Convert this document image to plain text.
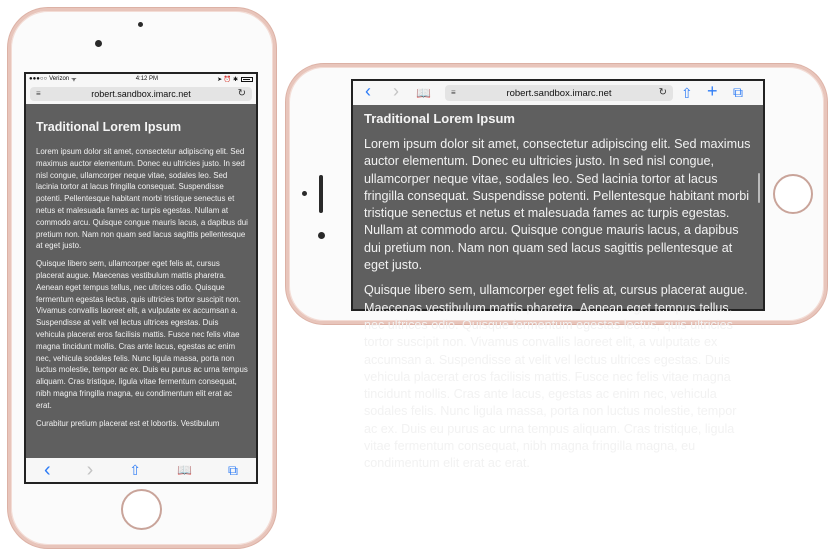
●●●○○ Verizon ᯤ	4:12 PM	➤ ⏰ ✱
≡	robert.sandbox.imarc.net	↻
Traditional Lorem Ipsum

Lorem ipsum dolor sit amet, consectetur adipiscing elit. Sed maximus auctor elementum. Donec eu ultricies justo. In sed nisl congue, ullamcorper neque vitae, sodales leo. Sed lacinia tortor at lacus fringilla consequat. Suspendisse potenti. Pellentesque habitant morbi tristique senectus et netus et malesuada fames ac turpis egestas. Nullam at commodo arcu. Quisque congue mauris lacus, a dapibus dui pretium non. Nam non quam sed lacus sagittis pellentesque at eget justo.

Quisque libero sem, ullamcorper eget felis at, cursus placerat augue. Maecenas vestibulum mattis pharetra. Aenean eget tempus tellus, nec ultrices odio. Quisque fermentum egestas lectus, quis ultricies tortor suscipit non. Vivamus convallis laoreet elit, a vulputate ex accumsan a. Suspendisse at velit vel lectus ultrices egestas. Duis vehicula placerat eros facilisis mattis. Fusce nec felis vitae magna tincidunt mollis. Cras ante lacus, egestas ac enim nec, vehicula sodales felis. Nunc ligula massa, porta non luctus molestie, tempor ac ex. Duis eu purus ac urna tempus aliquam. Cras tristique, ligula vitae fermentum consequat, nibh magna fringilla magna, eu condimentum elit erat ac erat.

Curabitur pretium placerat est et lobortis. Vestibulum

‹ ›	⇧	📖	⧉
‹ › 📖	≡	robert.sandbox.imarc.net	↻ ⇧ + ⧉
Traditional Lorem Ipsum

Lorem ipsum dolor sit amet, consectetur adipiscing elit. Sed maximus auctor elementum. Donec eu ultricies justo. In sed nisl congue, ullamcorper neque vitae, sodales leo. Sed lacinia tortor at lacus fringilla consequat. Suspendisse potenti. Pellentesque habitant morbi tristique senectus et netus et malesuada fames ac turpis egestas. Nullam at commodo arcu. Quisque congue mauris lacus, a dapibus dui pretium non. Nam non quam sed lacus sagittis pellentesque at eget justo.

Quisque libero sem, ullamcorper eget felis at, cursus placerat augue. Maecenas vestibulum mattis pharetra. Aenean eget tempus tellus, nec ultrices odio. Quisque fermentum egestas lectus, quis ultricies tortor suscipit non. Vivamus convallis laoreet elit, a vulputate ex accumsan a. Suspendisse at velit vel lectus ultrices egestas. Duis vehicula placerat eros facilisis mattis. Fusce nec felis vitae magna tincidunt mollis. Cras ante lacus, egestas ac enim nec, vehicula sodales felis. Nunc ligula massa, porta non luctus molestie, tempor ac ex. Duis eu purus ac urna tempus aliquam. Cras tristique, ligula vitae fermentum consequat, nibh magna fringilla magna, eu condimentum elit erat ac erat.
